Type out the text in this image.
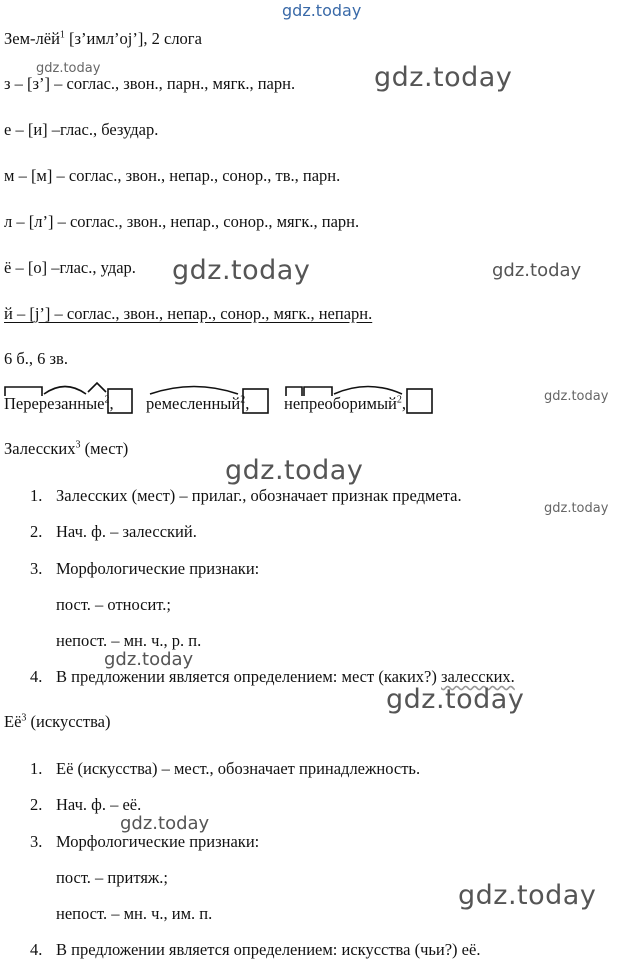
gdz.today
Зем-лёй$^1$ [з’имл’оj’], 2 слога
з – [з’] – соглас., звон., парн., мягк., парн.
е – [и] –глас., безудар.
м – [м] – соглас., звон., непар., сонор., тв., парн.
л – [л’] – соглас., звон., непар., сонор., мягк., парн.
ё – [о] –глас., удар.
й – [j’] – соглас., звон., непар., сонор., мягк., непарн.
6 б., 6 зв.
gdz.today	gdz.today
gdz.today	gdz.today
Перерезанные$^2$, ремесленный$^2$, непреоборимый$^2$,	gdz.today
Залесских$^3$ (мест)
gdz.today
1. Залесских (мест) – прилаг., обозначает признак предмета.
gdz.today
2. Нач. ф. – залесский.
3. Морфологические признаки:
пост. – относит.;
непост. – мн. ч., р. п.
gdz.today
4. В предложении является определением: мест (каких?) залесских.
gdz.today
$Её^3$ (искусства)
1. Её (искусства) – мест., обозначает принадлежность.
2. Нач. ф. – её.
gdz.today
3. Морфологические признаки:
пост. – притяж.;
gdz.today
непост. – мн. ч., им. п.
4. В предложении является определением: искусства (чьи?) её.
